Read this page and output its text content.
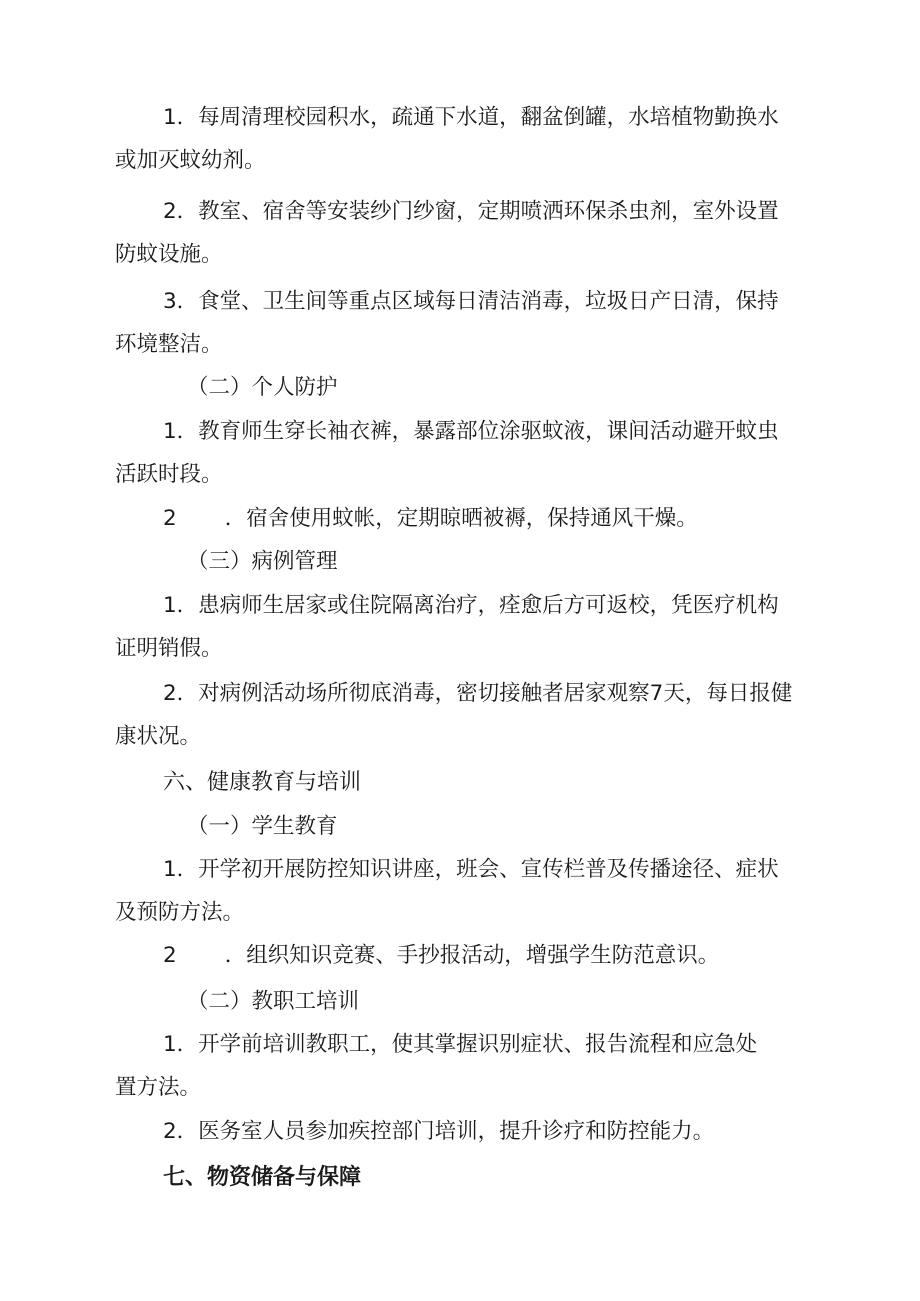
1．每周清理校园积水，疏通下水道，翻盆倒罐，水培植物勤换水
或加灭蚊幼剂。
2．教室、宿舍等安装纱门纱窗，定期喷洒环保杀虫剂，室外设置
防蚊设施。
3．食堂、卫生间等重点区域每日清洁消毒，垃圾日产日清，保持
环境整洁。
（二）个人防护
1．教育师生穿长袖衣裤，暴露部位涂驱蚊液，课间活动避开蚊虫
活跃时段。
2 ．宿舍使用蚊帐，定期晾晒被褥，保持通风干燥。
（三）病例管理
1．患病师生居家或住院隔离治疗，痊愈后方可返校，凭医疗机构
证明销假。
2．对病例活动场所彻底消毒，密切接触者居家观察7天，每日报健
康状况。
六、健康教育与培训
（一）学生教育
1．开学初开展防控知识讲座，班会、宣传栏普及传播途径、症状
及预防方法。
2 ．组织知识竞赛、手抄报活动，增强学生防范意识。
（二）教职工培训
1．开学前培训教职工，使其掌握识别症状、报告流程和应急处
置方法。
2．医务室人员参加疾控部门培训，提升诊疗和防控能力。
七、物资储备与保障
